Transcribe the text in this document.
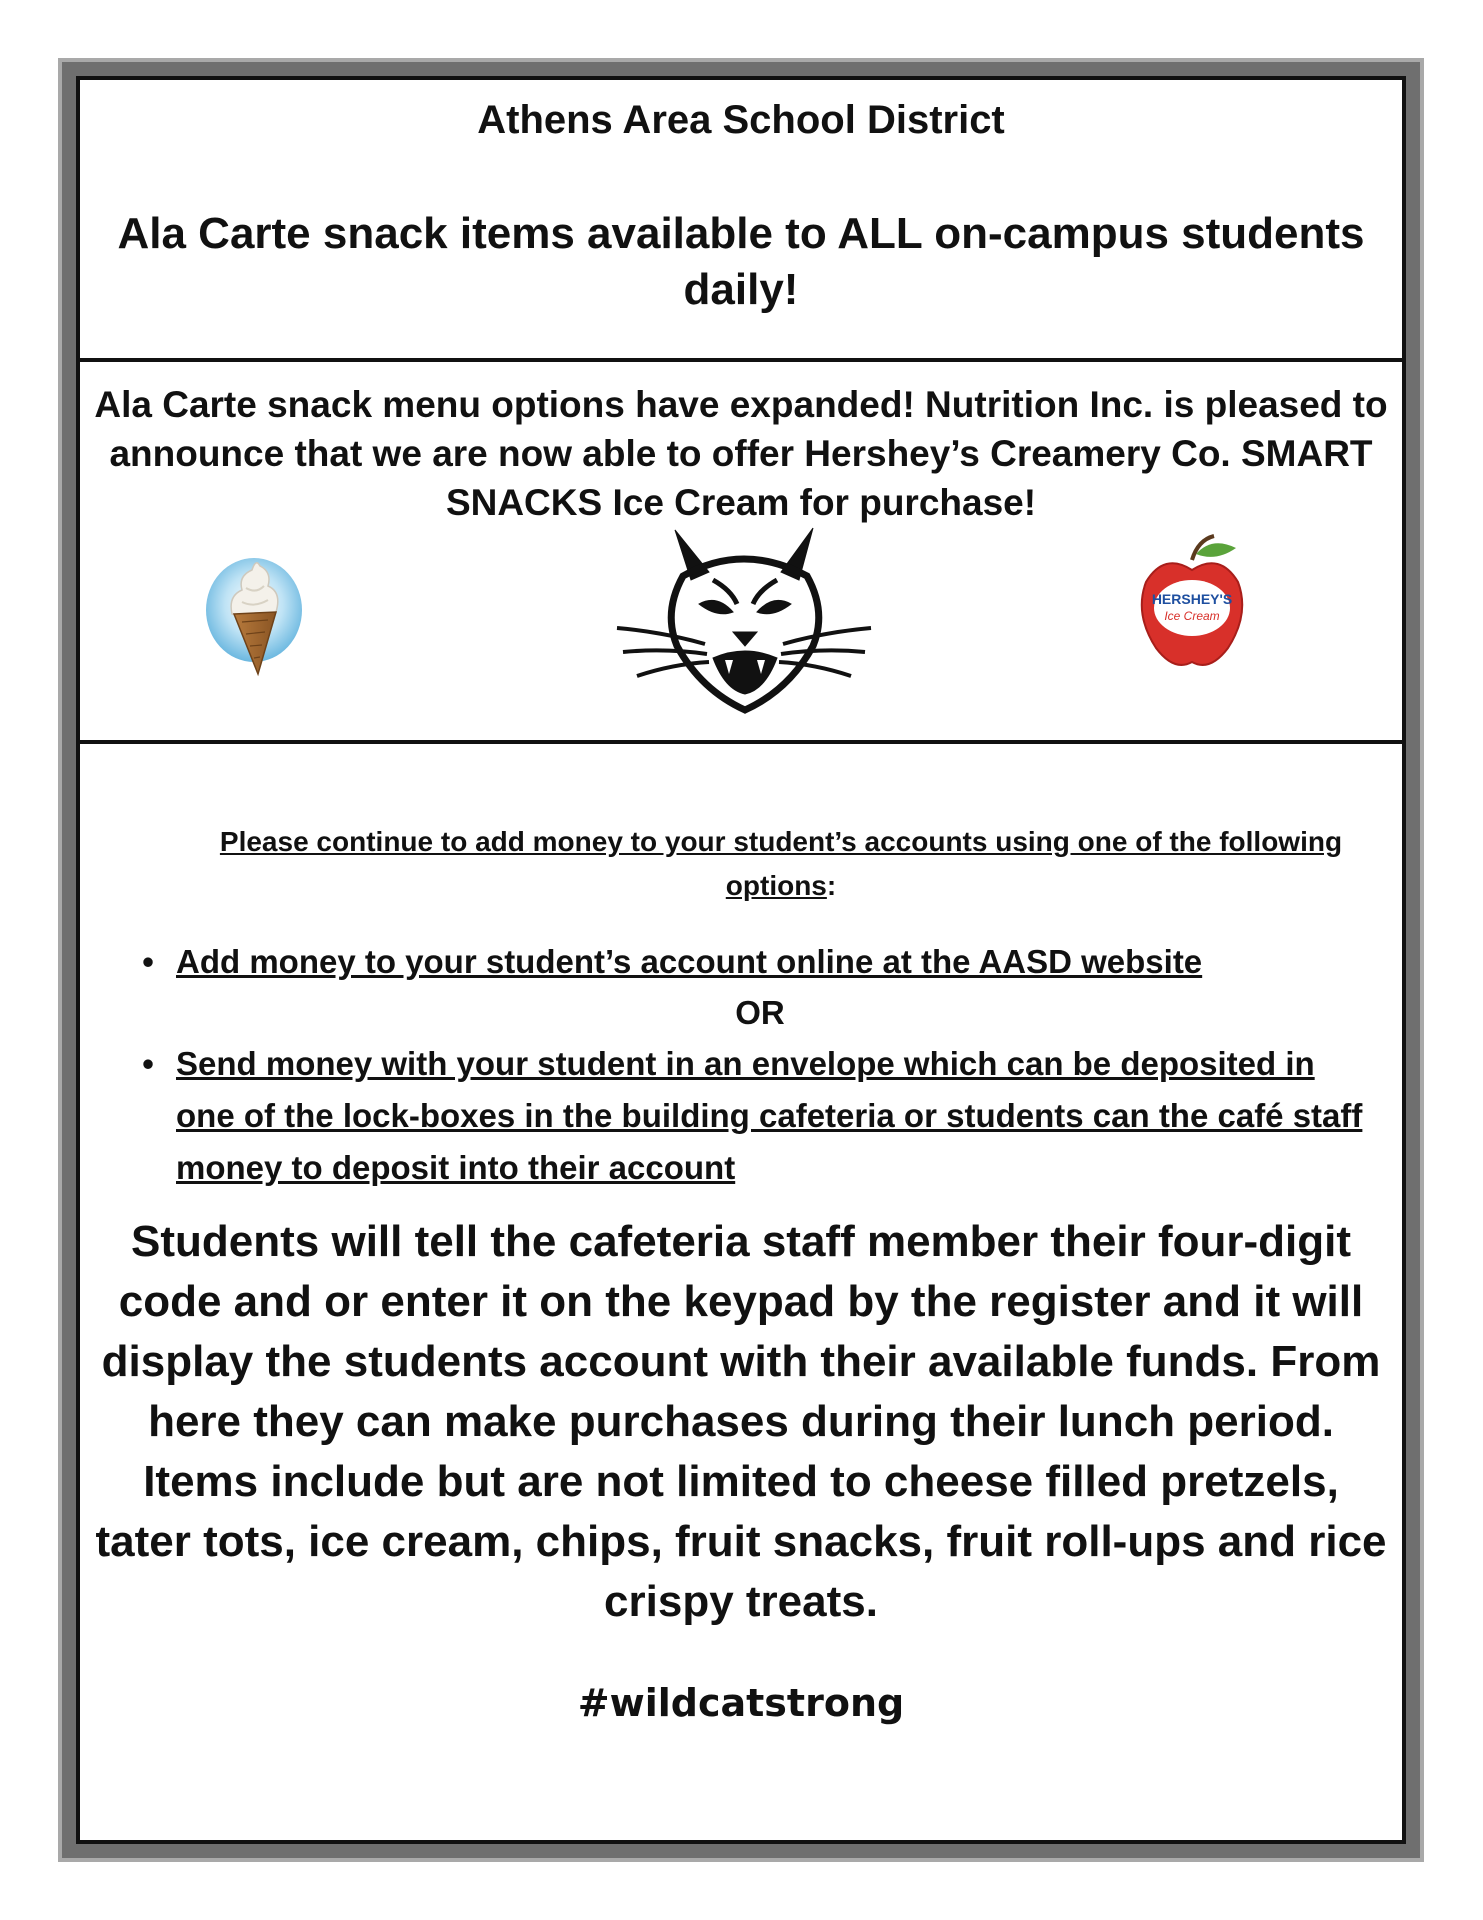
Athens Area School District

Ala Carte snack items available to ALL on-campus students daily!

Ala Carte snack menu options have expanded! Nutrition Inc. is pleased to announce that we are now able to offer Hershey’s Creamery Co. SMART SNACKS Ice Cream for purchase!

HERSHEY'S
Ice Cream

Please continue to add money to your student’s accounts using one of the following options:

• Add money to your student’s account online at the AASD website
OR
• Send money with your student in an envelope which can be deposited in one of the lock-boxes in the building cafeteria or students can the café staff money to deposit into their account

Students will tell the cafeteria staff member their four-digit code and or enter it on the keypad by the register and it will display the students account with their available funds. From here they can make purchases during their lunch period. Items include but are not limited to cheese filled pretzels, tater tots, ice cream, chips, fruit snacks, fruit roll-ups and rice crispy treats.

#wildcatstrong
